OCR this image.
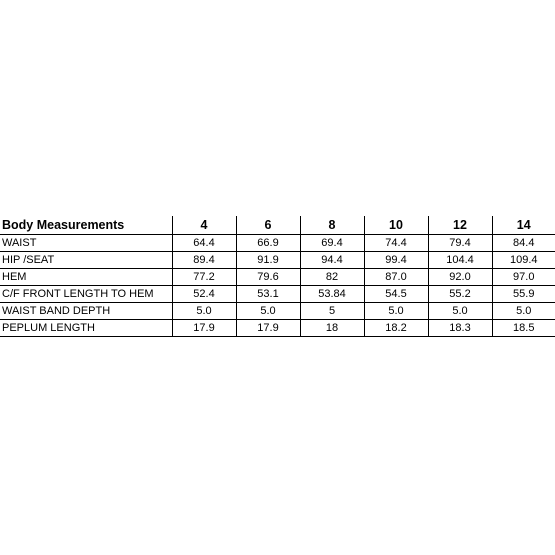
Body Measurements	4	6	8	10	12	14
WAIST	64.4	66.9	69.4	74.4	79.4	84.4
HIP /SEAT	89.4	91.9	94.4	99.4	104.4	109.4
HEM	77.2	79.6	82	87.0	92.0	97.0
C/F FRONT LENGTH TO HEM	52.4	53.1	53.84	54.5	55.2	55.9
WAIST BAND DEPTH	5.0	5.0	5	5.0	5.0	5.0
PEPLUM LENGTH	17.9	17.9	18	18.2	18.3	18.5
